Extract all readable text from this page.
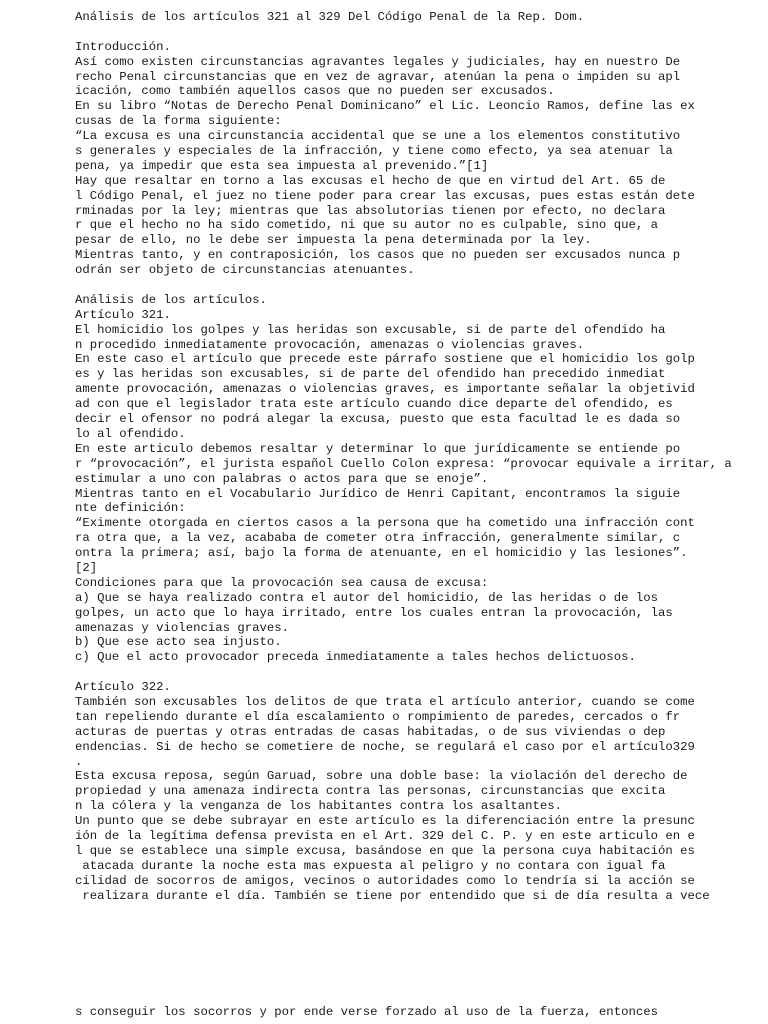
Análisis de los artículos 321 al 329 Del Código Penal de la Rep. Dom.
Introducción.
Así como existen circunstancias agravantes legales y judiciales, hay en nuestro De
recho Penal circunstancias que en vez de agravar, atenúan la pena o impiden su apl
icación, como también aquellos casos que no pueden ser excusados.
En su libro “Notas de Derecho Penal Dominicano” el Lic. Leoncio Ramos, define las ex
cusas de la forma siguiente:
“La excusa es una circunstancia accidental que se une a los elementos constitutivo
s generales y especiales de la infracción, y tiene como efecto, ya sea atenuar la
pena, ya impedir que esta sea impuesta al prevenido.”[1]
Hay que resaltar en torno a las excusas el hecho de que en virtud del Art. 65 de
l Código Penal, el juez no tiene poder para crear las excusas, pues estas están dete
rminadas por la ley; mientras que las absolutorias tienen por efecto, no declara
r que el hecho no ha sido cometido, ni que su autor no es culpable, sino que, a
pesar de ello, no le debe ser impuesta la pena determinada por la ley.
Mientras tanto, y en contraposición, los casos que no pueden ser excusados nunca p
odrán ser objeto de circunstancias atenuantes.
Análisis de los artículos.
Artículo 321.
El homicidio los golpes y las heridas son excusable, si de parte del ofendido ha
n procedido inmediatamente provocación, amenazas o violencias graves.
En este caso el artículo que precede este párrafo sostiene que el homicidio los golp
es y las heridas son excusables, si de parte del ofendido han precedido inmediat
amente provocación, amenazas o violencias graves, es importante señalar la objetivid
ad con que el legislador trata este artículo cuando dice departe del ofendido, es
decir el ofensor no podrá alegar la excusa, puesto que esta facultad le es dada so
lo al ofendido.
En este articulo debemos resaltar y determinar lo que jurídicamente se entiende po
r “provocación”, el jurista español Cuello Colon expresa: “provocar equivale a irritar, a
estimular a uno con palabras o actos para que se enoje”.
Mientras tanto en el Vocabulario Jurídico de Henri Capitant, encontramos la siguie
nte definición:
“Eximente otorgada en ciertos casos a la persona que ha cometido una infracción cont
ra otra que, a la vez, acababa de cometer otra infracción, generalmente similar, c
ontra la primera; así, bajo la forma de atenuante, en el homicidio y las lesiones”.
[2]
Condiciones para que la provocación sea causa de excusa:
a) Que se haya realizado contra el autor del homicidio, de las heridas o de los
golpes, un acto que lo haya irritado, entre los cuales entran la provocación, las
amenazas y violencias graves.
b) Que ese acto sea injusto.
c) Que el acto provocador preceda inmediatamente a tales hechos delictuosos.
Artículo 322.
También son excusables los delitos de que trata el artículo anterior, cuando se come
tan repeliendo durante el día escalamiento o rompimiento de paredes, cercados o fr
acturas de puertas y otras entradas de casas habitadas, o de sus viviendas o dep
endencias. Si de hecho se cometiere de noche, se regulará el caso por el artículo329
.
Esta excusa reposa, según Garuad, sobre una doble base: la violación del derecho de
propiedad y una amenaza indirecta contra las personas, circunstancias que excita
n la cólera y la venganza de los habitantes contra los asaltantes.
Un punto que se debe subrayar en este artículo es la diferenciación entre la presunc
ión de la legítima defensa prevista en el Art. 329 del C. P. y en este articulo en e
l que se establece una simple excusa, basándose en que la persona cuya habitación es
atacada durante la noche esta mas expuesta al peligro y no contara con igual fa
cilidad de socorros de amigos, vecinos o autoridades como lo tendría si la acción se
realizara durante el día. También se tiene por entendido que si de día resulta a vece
s conseguir los socorros y por ende verse forzado al uso de la fuerza, entonces
